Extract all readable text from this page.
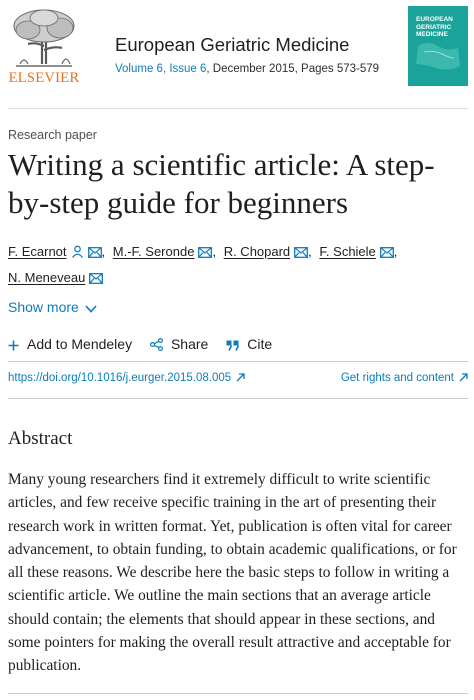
ELSEVIER
European Geriatric Medicine
Volume 6, Issue 6, December 2015, Pages 573-579
EUROPEAN GERIATRIC MEDICINE
Research paper
Writing a scientific article: A step-by-step guide for beginners
F. Ecarnot	, M.-F. Seronde , R. Chopard , F. Schiele ,
N. Meneveau
Show more
Add to Mendeley	Share	Cite
https://doi.org/10.1016/j.eurger.2015.08.005	Get rights and content
Abstract

Many young researchers find it extremely difficult to write scientific articles, and few receive specific training in the art of presenting their research work in written format. Yet, publication is often vital for career advancement, to obtain funding, to obtain academic qualifications, or for all these reasons. We describe here the basic steps to follow in writing a scientific article. We outline the main sections that an average article should contain; the elements that should appear in these sections, and some pointers for making the overall result attractive and acceptable for publication.
